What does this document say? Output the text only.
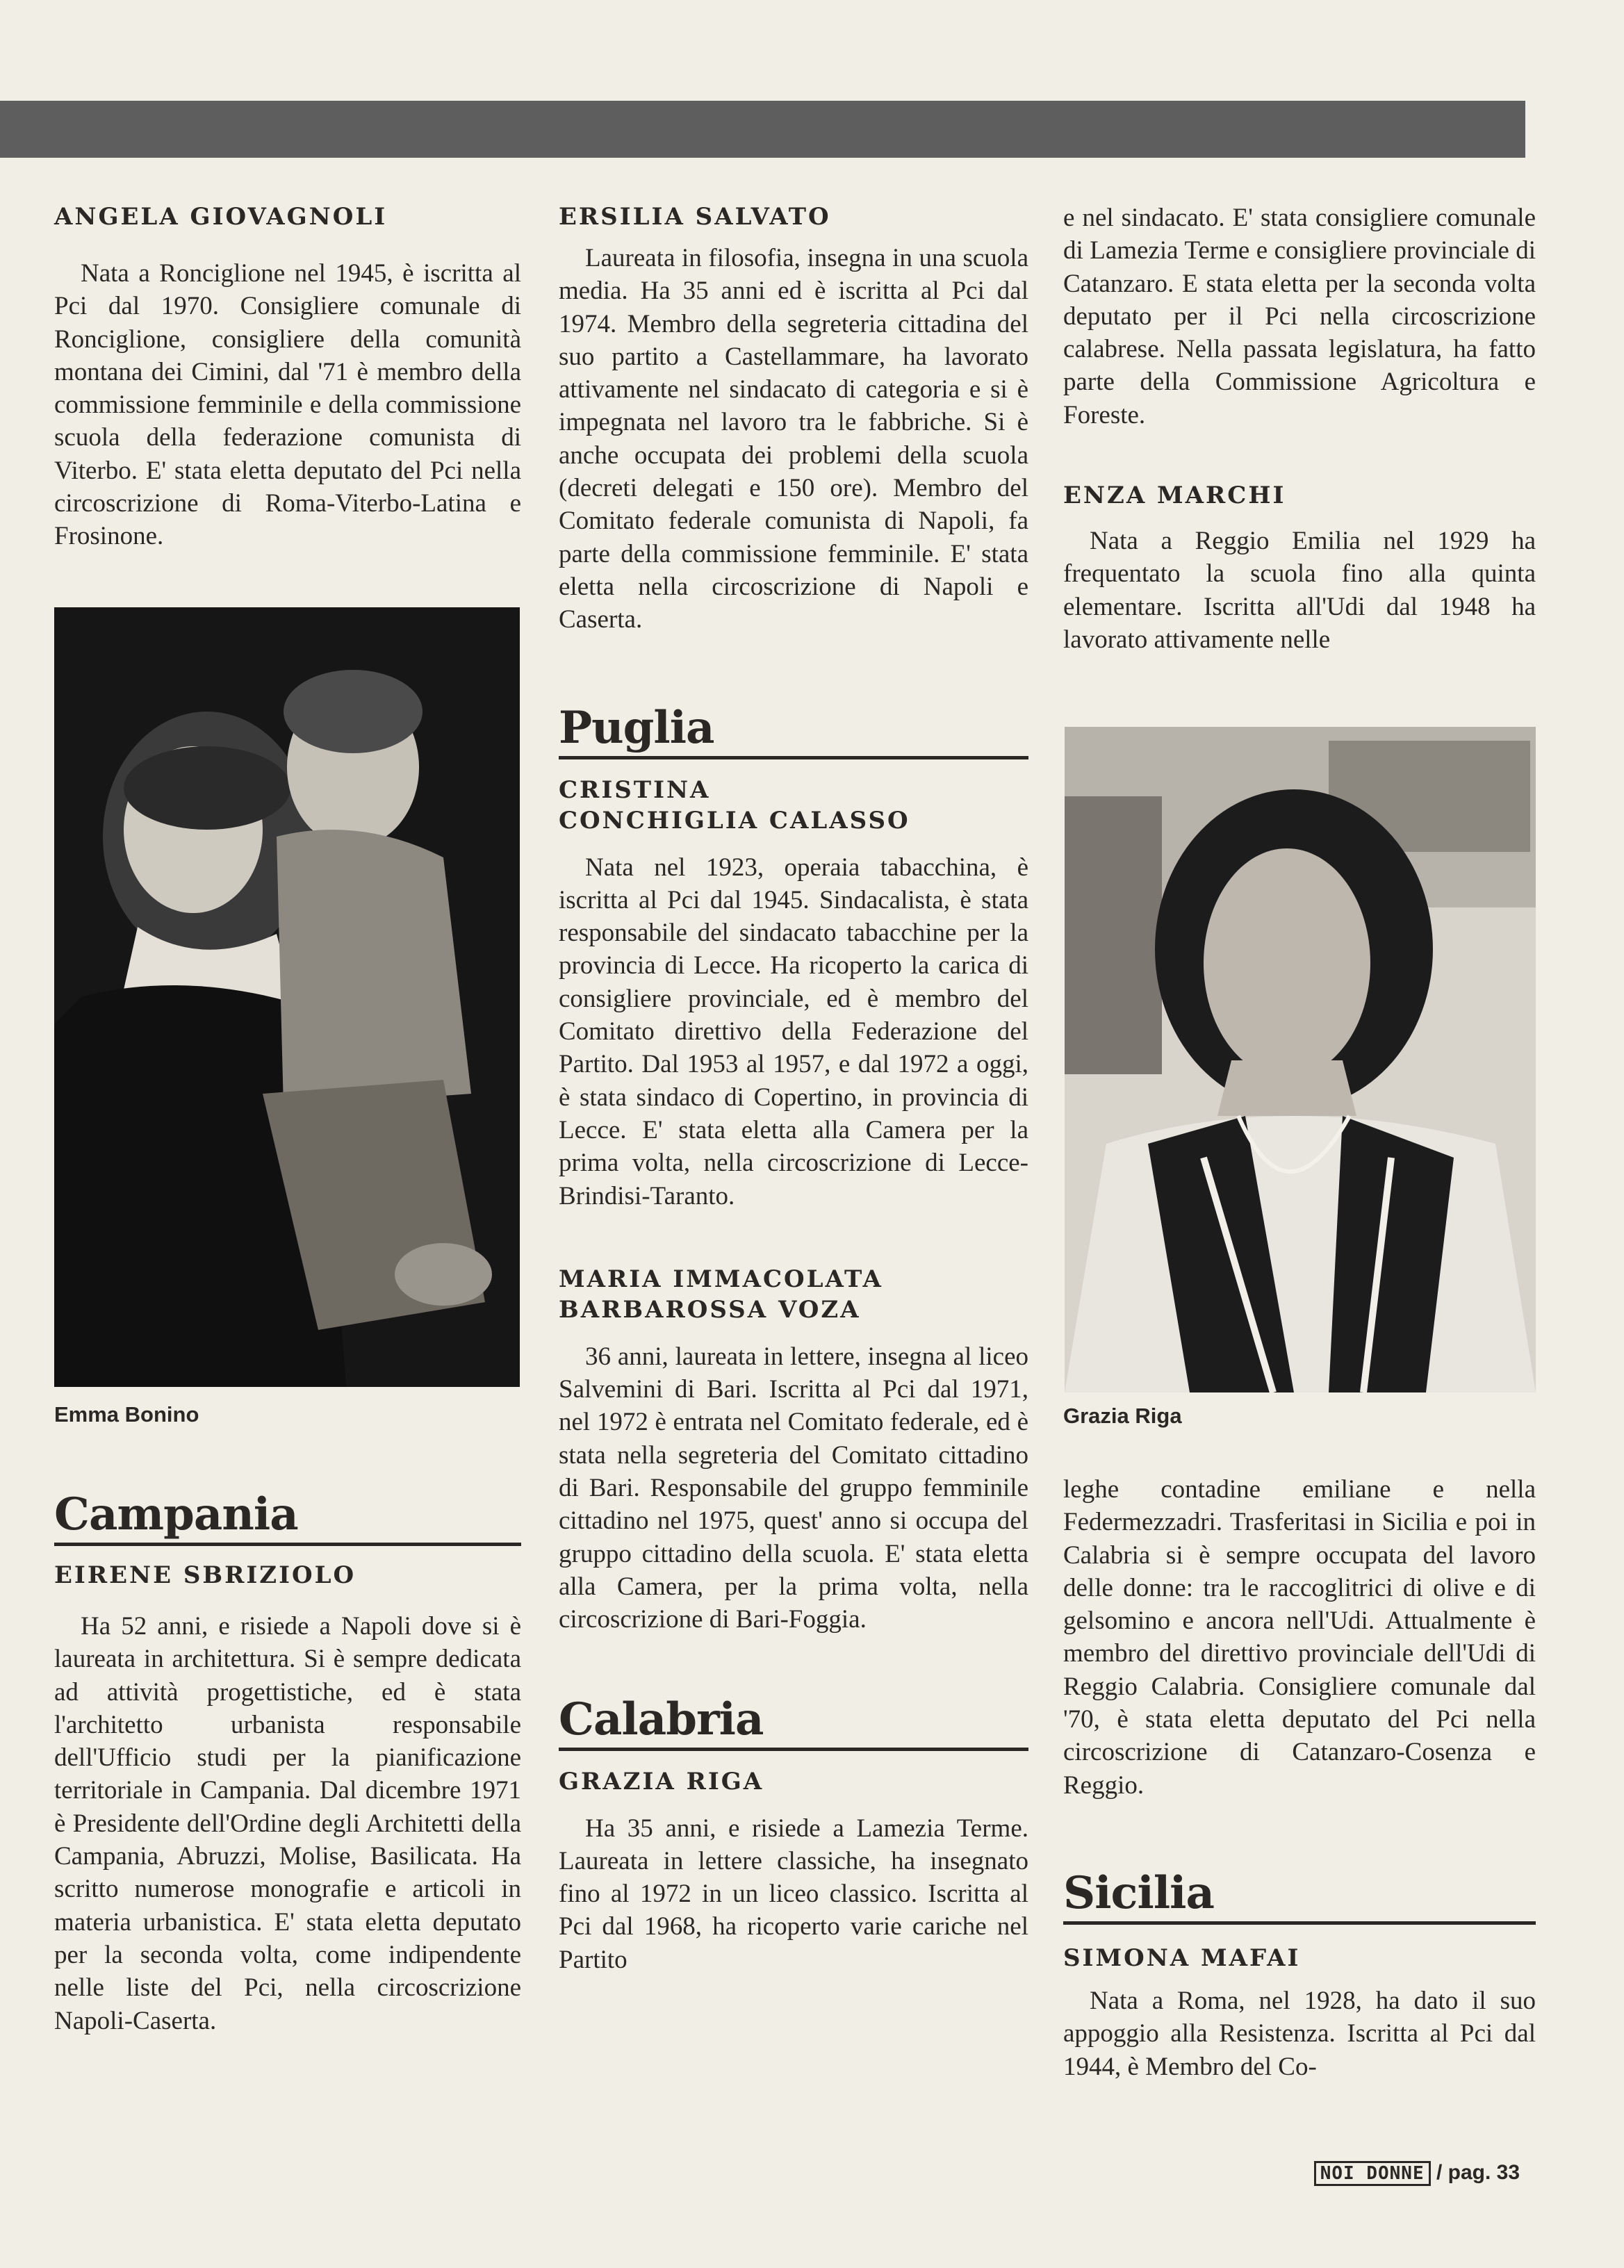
ANGELA GIOVAGNOLI

Nata a Ronciglione nel 1945, è iscritta al Pci dal 1970. Consigliere comunale di Ronciglione, consigliere della comunità montana dei Cimini, dal '71 è membro della commissione femminile e della commissione scuola della federazione comunista di Viterbo. E' stata eletta deputato del Pci nella circoscrizione di Roma-Viterbo-Latina e Frosinone.

Emma Bonino

Campania
EIRENE SBRIZIOLO

Ha 52 anni, e risiede a Napoli dove si è laureata in architettura. Si è sempre dedicata ad attività progettistiche, ed è stata l'architetto urbanista responsabile dell'Ufficio studi per la pianificazione territoriale in Campania. Dal dicembre 1971 è Presidente dell'Ordine degli Architetti della Campania, Abruzzi, Molise, Basilicata. Ha scritto numerose monografie e articoli in materia urbanistica. E' stata eletta deputato per la seconda volta, come indipendente nelle liste del Pci, nella circoscrizione Napoli-Caserta.

ERSILIA SALVATO

Laureata in filosofia, insegna in una scuola media. Ha 35 anni ed è iscritta al Pci dal 1974. Membro della segreteria cittadina del suo partito a Castellammare, ha lavorato attivamente nel sindacato di categoria e si è impegnata nel lavoro tra le fabbriche. Si è anche occupata dei problemi della scuola (decreti delegati e 150 ore). Membro del Comitato federale comunista di Napoli, fa parte della commissione femminile. E' stata eletta nella circoscrizione di Napoli e Caserta.

Puglia
CRISTINA
CONCHIGLIA CALASSO

Nata nel 1923, operaia tabacchina, è iscritta al Pci dal 1945. Sindacalista, è stata responsabile del sindacato tabacchine per la provincia di Lecce. Ha ricoperto la carica di consigliere provinciale, ed è membro del Comitato direttivo della Federazione del Partito. Dal 1953 al 1957, e dal 1972 a oggi, è stata sindaco di Copertino, in provincia di Lecce. E' stata eletta alla Camera per la prima volta, nella circoscrizione di Lecce-Brindisi-Taranto.

MARIA IMMACOLATA
BARBAROSSA VOZA

36 anni, laureata in lettere, insegna al liceo Salvemini di Bari. Iscritta al Pci dal 1971, nel 1972 è entrata nel Comitato federale, ed è stata nella segreteria del Comitato cittadino di Bari. Responsabile del gruppo femminile cittadino nel 1975, quest' anno si occupa del gruppo cittadino della scuola. E' stata eletta alla Camera, per la prima volta, nella circoscrizione di Bari-Foggia.

Calabria
GRAZIA RIGA

Ha 35 anni, e risiede a Lamezia Terme. Laureata in lettere classiche, ha insegnato fino al 1972 in un liceo classico. Iscritta al Pci dal 1968, ha ricoperto varie cariche nel Partito

e nel sindacato. E' stata consigliere comunale di Lamezia Terme e consigliere provinciale di Catanzaro. E stata eletta per la seconda volta deputato per il Pci nella circoscrizione calabrese. Nella passata legislatura, ha fatto parte della Commissione Agricoltura e Foreste.

ENZA MARCHI

Nata a Reggio Emilia nel 1929 ha frequentato la scuola fino alla quinta elementare. Iscritta all'Udi dal 1948 ha lavorato attivamente nelle

Grazia Riga

leghe contadine emiliane e nella Federmezzadri. Trasferitasi in Sicilia e poi in Calabria si è sempre occupata del lavoro delle donne: tra le raccoglitrici di olive e di gelsomino e ancora nell'Udi. Attualmente è membro del direttivo provinciale dell'Udi di Reggio Calabria. Consigliere comunale dal '70, è stata eletta deputato del Pci nella circoscrizione di Catanzaro-Cosenza e Reggio.

Sicilia
SIMONA MAFAI

Nata a Roma, nel 1928, ha dato il suo appoggio alla Resistenza. Iscritta al Pci dal 1944, è Membro del Co-

NOI DONNE / pag. 33
